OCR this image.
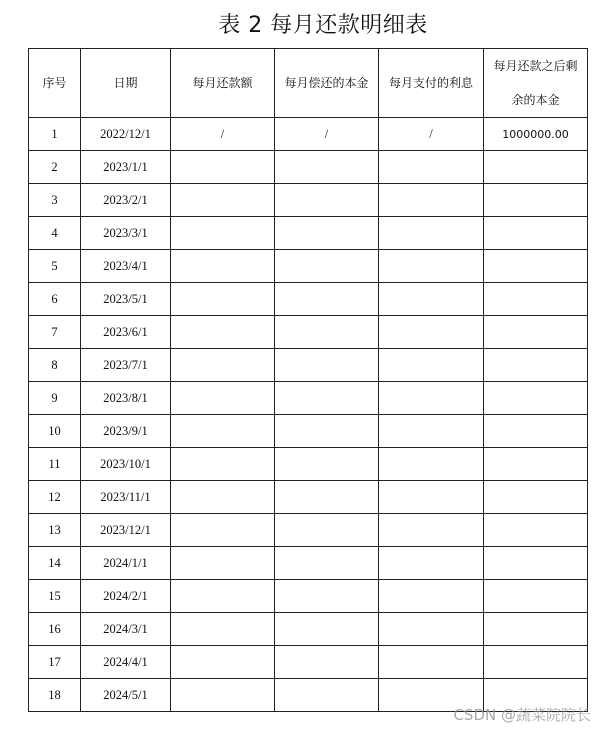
表 2 每月还款明细表
序号	日期	每月还款额	每月偿还的本金	每月支付的利息	每月还款之后剩
余的本金
1	2022/12/1	/	/	/	1000000.00
2	2023/1/1				
3	2023/2/1				
4	2023/3/1				
5	2023/4/1				
6	2023/5/1				
7	2023/6/1				
8	2023/7/1				
9	2023/8/1				
10	2023/9/1				
11	2023/10/1				
12	2023/11/1				
13	2023/12/1				
14	2024/1/1				
15	2024/2/1				
16	2024/3/1				
17	2024/4/1				
18	2024/5/1				
CSDN @蔬菜院院长
